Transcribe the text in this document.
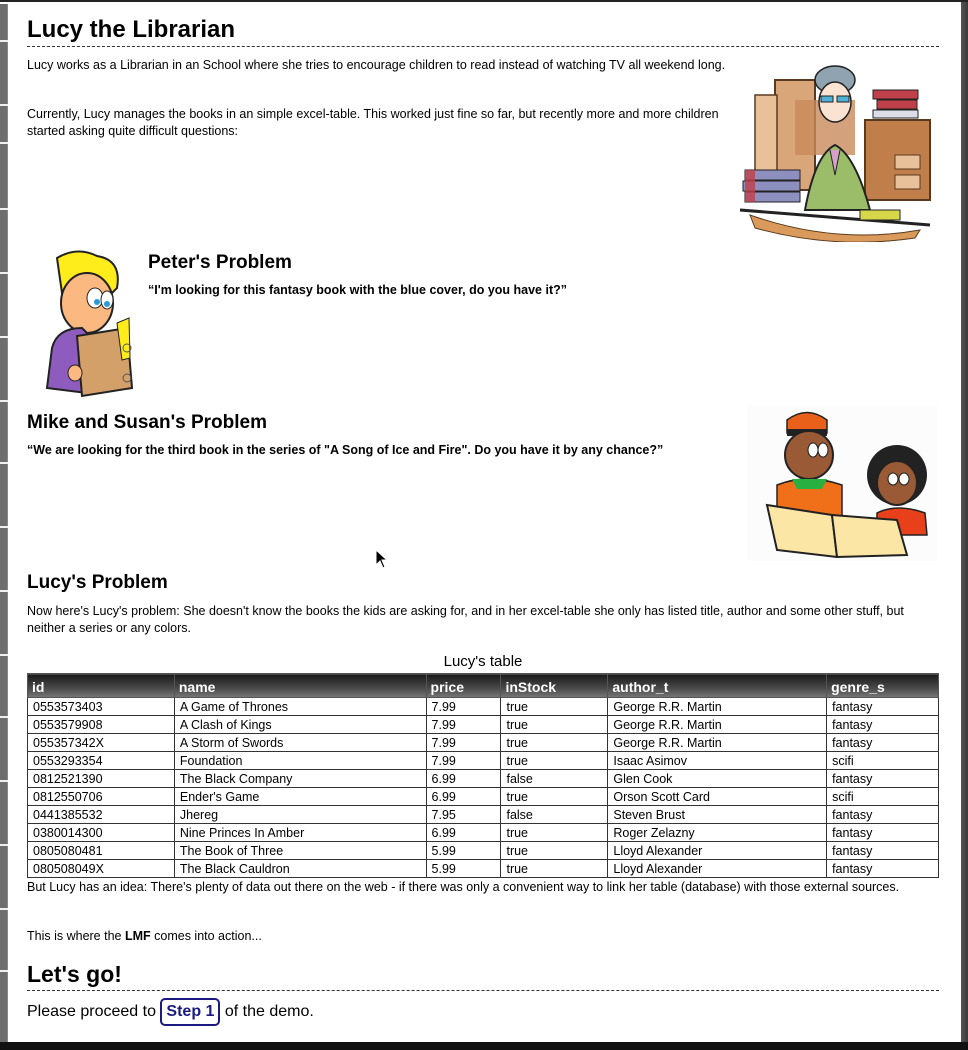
Lucy the Librarian

Lucy works as a Librarian in an School where she tries to encourage children to read instead of watching TV all weekend long.

Currently, Lucy manages the books in an simple excel-table. This worked just fine so far, but recently more and more children started asking quite difficult questions:

Peter's Problem

“I'm looking for this fantasy book with the blue cover, do you have it?”

Mike and Susan's Problem

“We are looking for the third book in the series of "A Song of Ice and Fire". Do you have it by any chance?”

Lucy's Problem

Now here's Lucy's problem: She doesn't know the books the kids are asking for, and in her excel-table she only has listed title, author and some other stuff, but neither a series or any colors.

Lucy's table
id	name	price	inStock	author_t	genre_s
0553573403	A Game of Thrones	7.99	true	George R.R. Martin	fantasy
0553579908	A Clash of Kings	7.99	true	George R.R. Martin	fantasy
055357342X	A Storm of Swords	7.99	true	George R.R. Martin	fantasy
0553293354	Foundation	7.99	true	Isaac Asimov	scifi
0812521390	The Black Company	6.99	false	Glen Cook	fantasy
0812550706	Ender's Game	6.99	true	Orson Scott Card	scifi
0441385532	Jhereg	7.95	false	Steven Brust	fantasy
0380014300	Nine Princes In Amber	6.99	true	Roger Zelazny	fantasy
0805080481	The Book of Three	5.99	true	Lloyd Alexander	fantasy
080508049X	The Black Cauldron	5.99	true	Lloyd Alexander	fantasy

But Lucy has an idea: There's plenty of data out there on the web - if there was only a convenient way to link her table (database) with those external sources.

This is where the LMF comes into action...

Let's go!

Please proceed to Step 1 of the demo.
